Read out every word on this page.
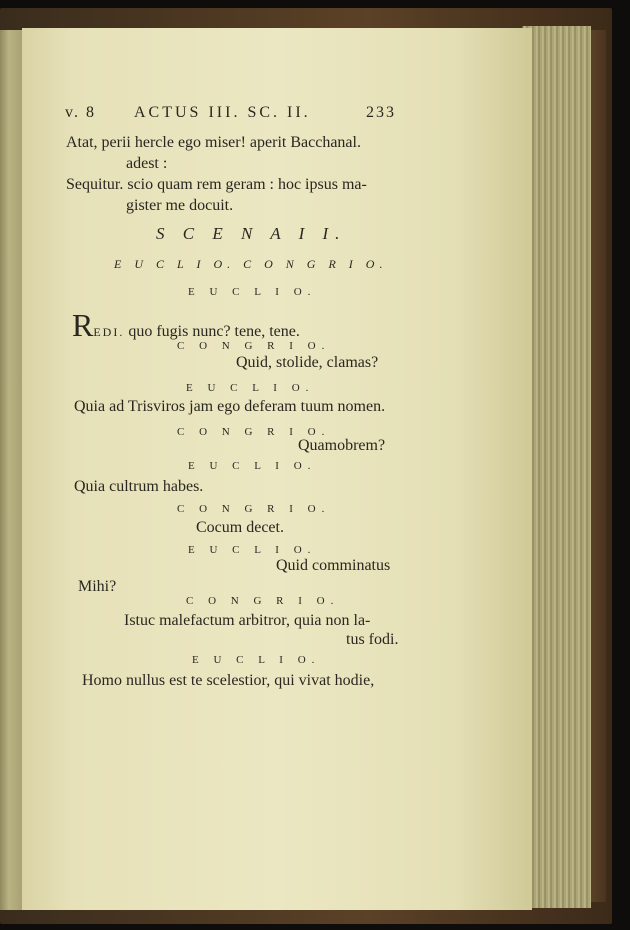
v. 8 ACTUS III. SC. II.	233
Atat, perii hercle ego miser! aperit Bacchanal.
adest :
Sequitur. scio quam rem geram : hoc ipsus ma-
gister me docuit.
S C E N A I I.
E U C L I O. C O N G R I O.
E U C L I O.
REDI. quo fugis nunc? tene, tene.
C O N G R I O.
Quid, stolide, clamas?
E U C L I O.
Quia ad Trisviros jam ego deferam tuum nomen.
C O N G R I O.
Quamobrem?
E U C L I O.
Quia cultrum habes.
C O N G R I O.
Cocum decet.
E U C L I O.
Quid comminatus
Mihi?
C O N G R I O.
Istuc malefactum arbitror, quia non la-
tus fodi.
E U C L I O.
Homo nullus est te scelestior, qui vivat hodie,
